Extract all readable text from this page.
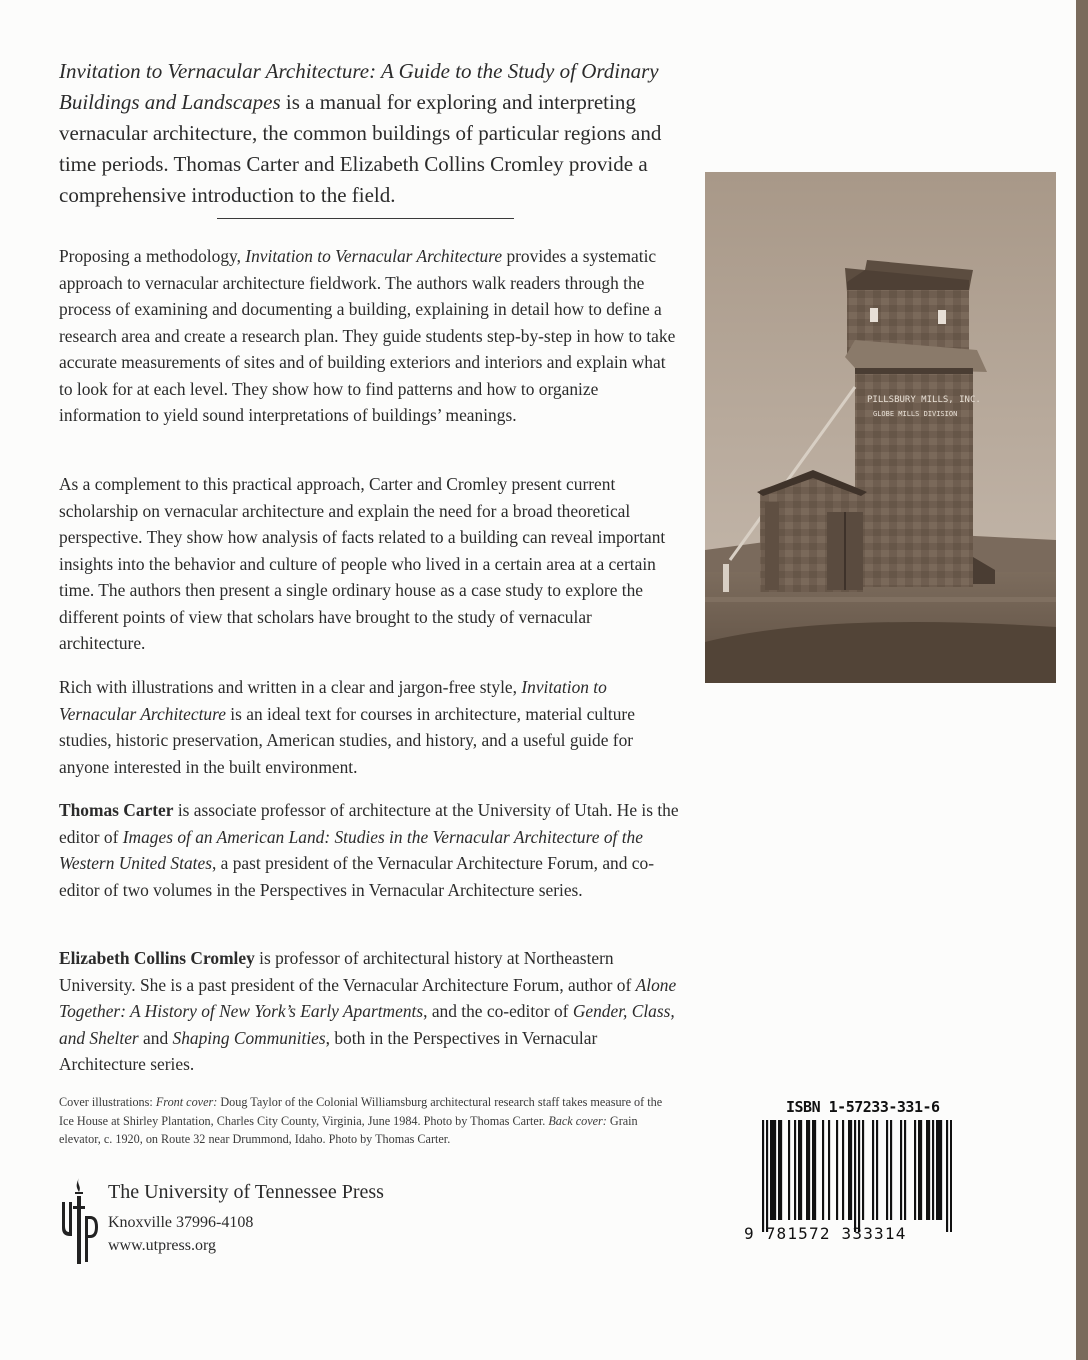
Invitation to Vernacular Architecture: A Guide to the Study of Ordinary Buildings and Landscapes is a manual for exploring and interpreting vernacular architecture, the common buildings of particular regions and time periods. Thomas Carter and Elizabeth Collins Cromley provide a comprehensive introduction to the field.

Proposing a methodology, Invitation to Vernacular Architecture provides a systematic approach to vernacular architecture fieldwork. The authors walk readers through the process of examining and documenting a building, explaining in detail how to define a research area and create a research plan. They guide students step-by-step in how to take accurate measurements of sites and of building exteriors and interiors and explain what to look for at each level. They show how to find patterns and how to organize information to yield sound interpretations of buildings’ meanings.

As a complement to this practical approach, Carter and Cromley present current scholarship on vernacular architecture and explain the need for a broad theoretical perspective. They show how analysis of facts related to a building can reveal important insights into the behavior and culture of people who lived in a certain area at a certain time. The authors then present a single ordinary house as a case study to explore the different points of view that scholars have brought to the study of vernacular architecture.

Rich with illustrations and written in a clear and jargon-free style, Invitation to Vernacular Architecture is an ideal text for courses in architecture, material culture studies, historic preservation, American studies, and history, and a useful guide for anyone interested in the built environment.

Thomas Carter is associate professor of architecture at the University of Utah. He is the editor of Images of an American Land: Studies in the Vernacular Architecture of the Western United States, a past president of the Vernacular Architecture Forum, and co-editor of two volumes in the Perspectives in Vernacular Architecture series.

Elizabeth Collins Cromley is professor of architectural history at Northeastern University. She is a past president of the Vernacular Architecture Forum, author of Alone Together: A History of New York’s Early Apartments, and the co-editor of Gender, Class, and Shelter and Shaping Communities, both in the Perspectives in Vernacular Architecture series.

Cover illustrations: Front cover: Doug Taylor of the Colonial Williamsburg architectural research staff takes measure of the Ice House at Shirley Plantation, Charles City County, Virginia, June 1984. Photo by Thomas Carter. Back cover: Grain elevator, c. 1920, on Route 32 near Drummond, Idaho. Photo by Thomas Carter.

PILLSBURY MILLS, INC.
GLOBE MILLS DIVISION
The University of Tennessee Press
Knoxville 37996-4108
www.utpress.org
ISBN 1-57233-331-6
9 781572 333314
